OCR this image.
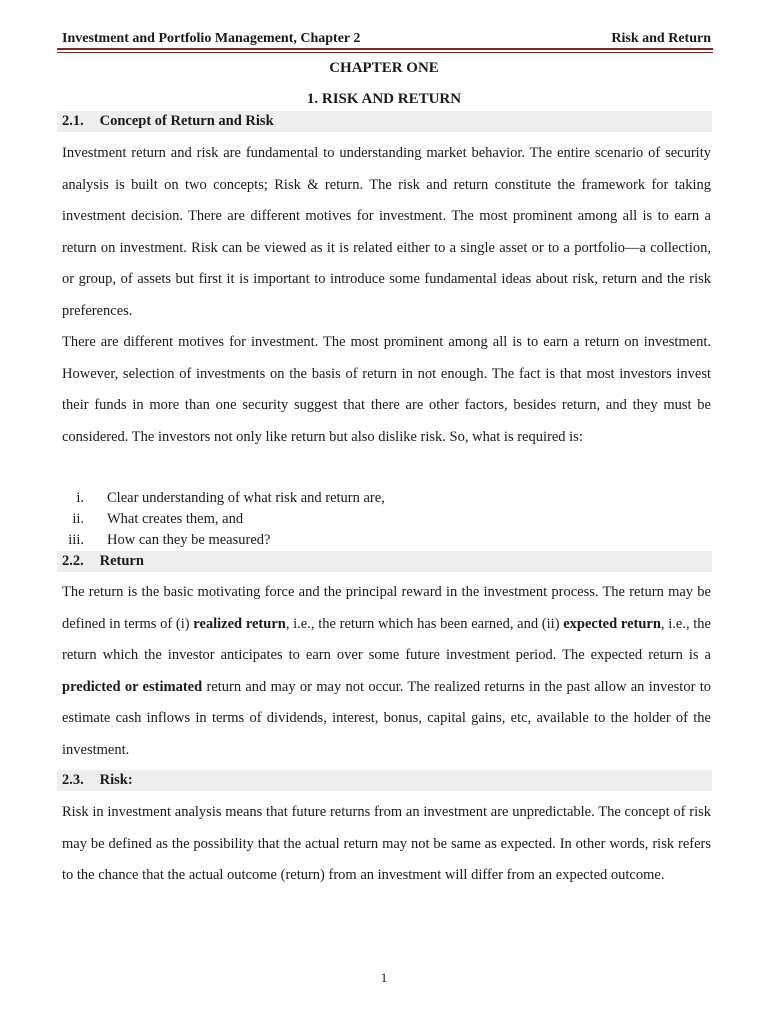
Investment and Portfolio Management, Chapter 2	Risk and Return
CHAPTER ONE
1. RISK AND RETURN
2.1. Concept of Return and Risk
Investment return and risk are fundamental to understanding market behavior. The entire scenario of security analysis is built on two concepts; Risk & return. The risk and return constitute the framework for taking investment decision. There are different motives for investment. The most prominent among all is to earn a return on investment. Risk can be viewed as it is related either to a single asset or to a portfolio—a collection, or group, of assets but first it is important to introduce some fundamental ideas about risk, return and the risk preferences.
There are different motives for investment. The most prominent among all is to earn a return on investment. However, selection of investments on the basis of return in not enough. The fact is that most investors invest their funds in more than one security suggest that there are other factors, besides return, and they must be considered. The investors not only like return but also dislike risk. So, what is required is:
i. Clear understanding of what risk and return are,
ii. What creates them, and
iii. How can they be measured?
2.2. Return
The return is the basic motivating force and the principal reward in the investment process. The return may be defined in terms of (i) realized return, i.e., the return which has been earned, and (ii) expected return, i.e., the return which the investor anticipates to earn over some future investment period. The expected return is a predicted or estimated return and may or may not occur. The realized returns in the past allow an investor to estimate cash inflows in terms of dividends, interest, bonus, capital gains, etc, available to the holder of the investment.
2.3. Risk:
Risk in investment analysis means that future returns from an investment are unpredictable. The concept of risk may be defined as the possibility that the actual return may not be same as expected. In other words, risk refers to the chance that the actual outcome (return) from an investment will differ from an expected outcome.
1
